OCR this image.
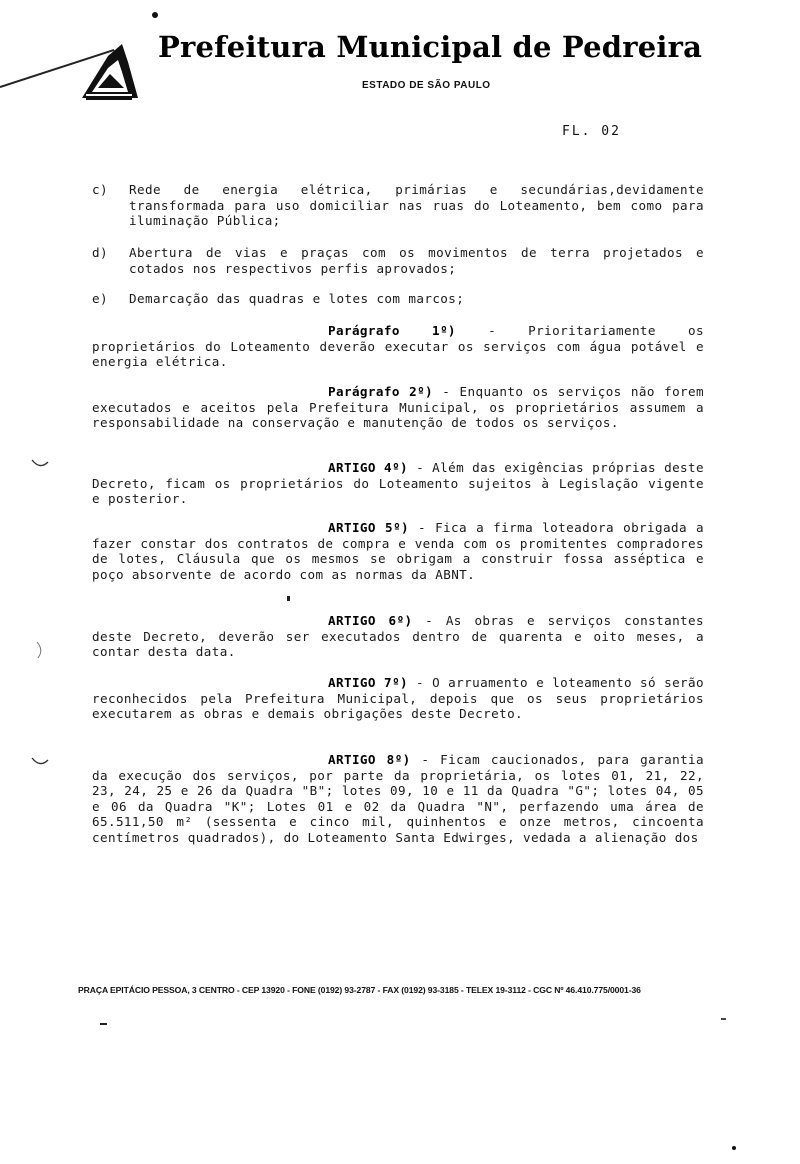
Prefeitura Municipal de Pedreira
ESTADO DE SÃO PAULO
FL. 02
c) Rede de energia elétrica, primárias e secundárias,devidamente transformada para uso domiciliar nas ruas do Loteamento, bem como para iluminação Pública;
d) Abertura de vias e praças com os movimentos de terra projetados e cotados nos respectivos perfis aprovados;
e) Demarcação das quadras e lotes com marcos;
Parágrafo 1º)	- Prioritariamente os proprietários do Loteamento deverão executar os serviços com água potável e energia elétrica.
Parágrafo 2º) - Enquanto os serviços não forem executados e aceitos pela Prefeitura Municipal, os proprietários assumem a responsabilidade na conservação e manutenção de todos os serviços.
ARTIGO 4º) - Além das exigências próprias deste Decreto, ficam os proprietários do Loteamento sujeitos à Legislação vigente e posterior.
ARTIGO 5º) - Fica a firma loteadora obrigada a fazer constar dos contratos de compra e venda com os promitentes compradores de lotes, Cláusula que os mesmos se obrigam a construir fossa asséptica e poço absorvente de acordo com as normas da ABNT.
ARTIGO 6º) - As obras e serviços constantes deste Decreto, deverão ser executados dentro de quarenta e oito meses, a contar desta data.
ARTIGO 7º) - O arruamento e loteamento só serão reconhecidos pela Prefeitura Municipal, depois que os seus proprietários executarem as obras e demais obrigações deste Decreto.
ARTIGO 8º) - Ficam caucionados, para garantia da execução dos serviços, por parte da proprietária, os lotes 01, 21, 22, 23, 24, 25 e 26 da Quadra "B"; lotes 09, 10 e 11 da Quadra "G"; lotes 04, 05 e 06 da Quadra "K"; Lotes 01 e 02 da Quadra "N", perfazendo uma área de 65.511,50 m² (sessenta e cinco mil, quinhentos e onze metros, cincoenta centímetros quadrados), do Loteamento Santa Edwirges, vedada a alienação dos
PRAÇA EPITÁCIO PESSOA, 3 CENTRO - CEP 13920 - FONE (0192) 93-2787 - FAX (0192) 93-3185 - TELEX 19-3112 - CGC Nº 46.410.775/0001-36
